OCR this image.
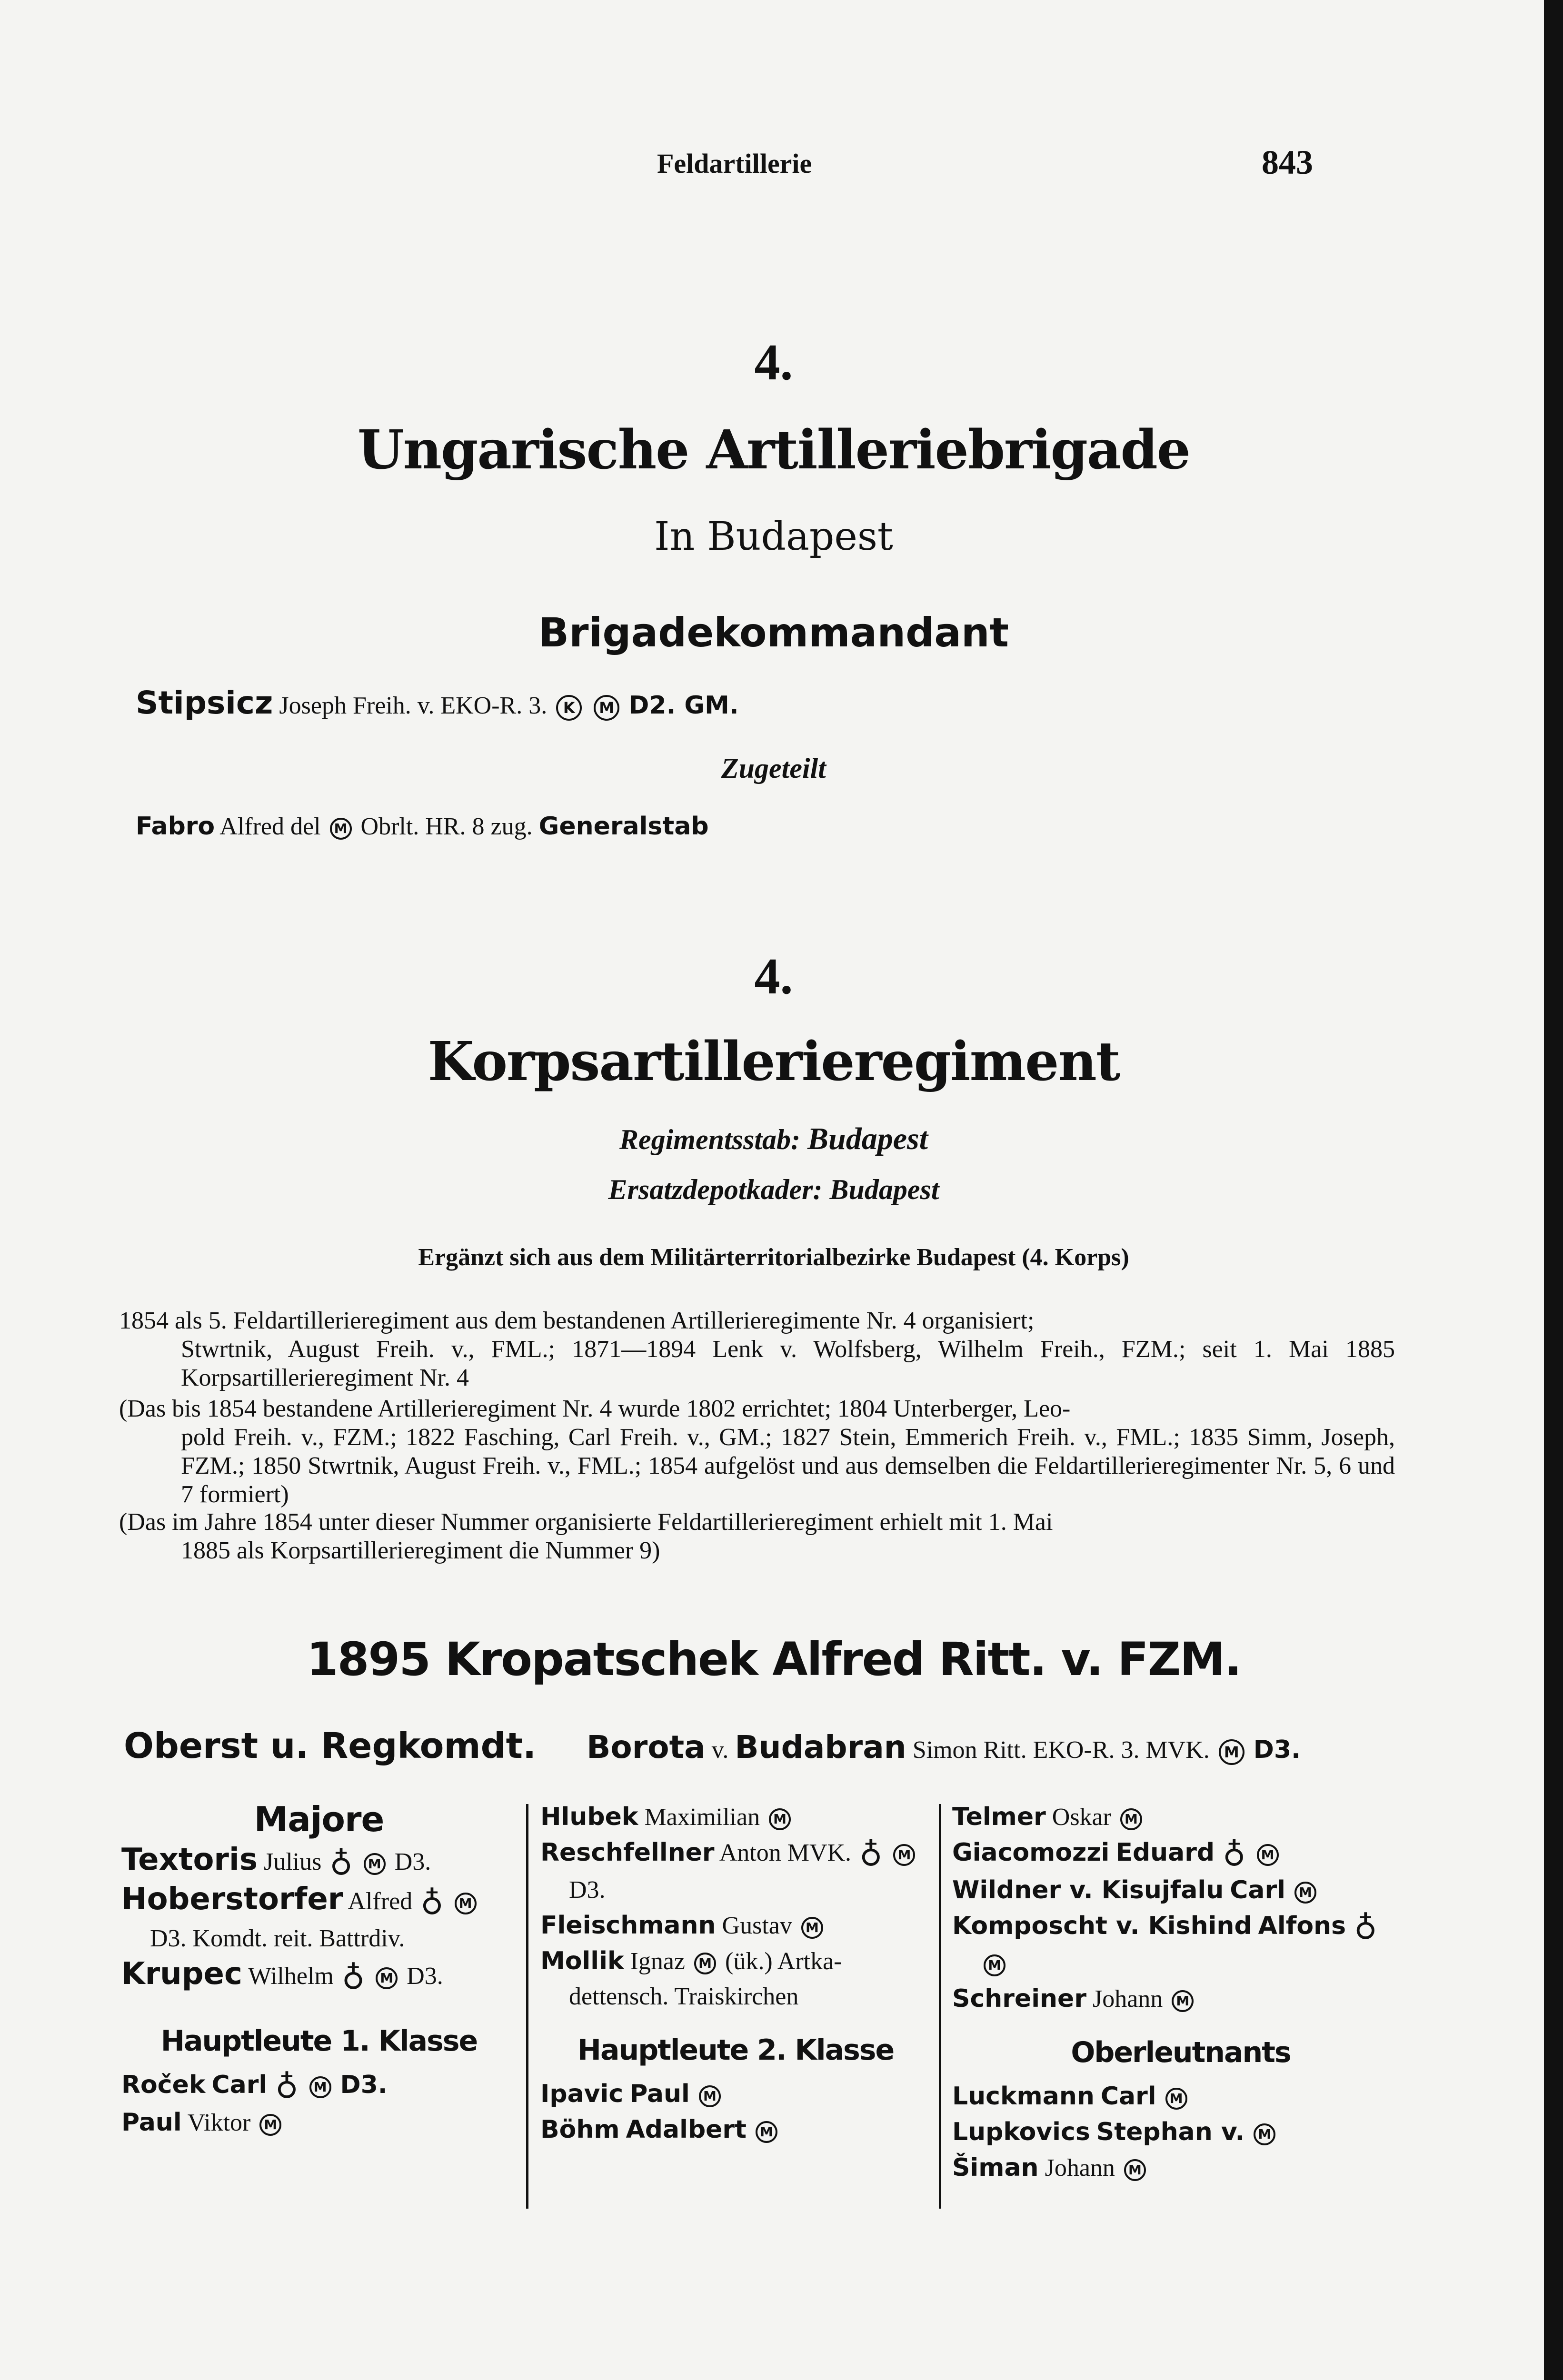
Feldartillerie	843
4.
Ungarische Artilleriebrigade
In Budapest
Brigadekommandant
Stipsicz Joseph Freih. v. EKO-R. 3. K M D2. GM.
Zugeteilt
Fabro Alfred del M Obrlt. HR. 8 zug. Generalstab
4.
Korpsartillerieregiment
Regimentsstab: Budapest
Ersatzdepotkader: Budapest
Ergänzt sich aus dem Militärterritorialbezirke Budapest (4. Korps)
1854 als 5. Feldartillerieregiment aus dem bestandenen Artillerieregimente Nr. 4 organisiert;
Stwrtnik, August Freih. v., FML.; 1871—1894 Lenk v. Wolfsberg, Wilhelm Freih., FZM.; seit 1. Mai 1885 Korpsartillerieregiment Nr. 4
(Das bis 1854 bestandene Artillerieregiment Nr. 4 wurde 1802 errichtet; 1804 Unterberger, Leo-
pold Freih. v., FZM.; 1822 Fasching, Carl Freih. v., GM.; 1827 Stein, Emmerich Freih. v., FML.; 1835 Simm, Joseph, FZM.; 1850 Stwrtnik, August Freih. v., FML.; 1854 aufgelöst und aus demselben die Feldartillerieregimenter Nr. 5, 6 und 7 formiert)
(Das im Jahre 1854 unter dieser Nummer organisierte Feldartillerieregiment erhielt mit 1. Mai
1885 als Korpsartillerieregiment die Nummer 9)
1895 Kropatschek Alfred Ritt. v. FZM.
Oberst u. Regkomdt. Borota v. Budabran Simon Ritt. EKO-R. 3. MVK. M D3.
Majore
Textoris Julius ♁ M D3.
Hoberstorfer Alfred ♁ M
D3. Komdt. reit. Battrdiv.
Krupec Wilhelm ♁ M D3.
Hauptleute 1. Klasse
Roček Carl ♁ M D3.
Paul Viktor M
Hlubek Maximilian M
Reschfellner Anton MVK. ♁ M
D3.
Fleischmann Gustav M
Mollik Ignaz M (ük.) Artka-
dettensch. Traiskirchen
Hauptleute 2. Klasse
Ipavic Paul M
Böhm Adalbert M
Telmer Oskar M
Giacomozzi Eduard ♁ M
Wildner v. Kisujfalu Carl M
Komposcht v. Kishind Alfons ♁
M
Schreiner Johann M
Oberleutnants
Luckmann Carl M
Lupkovics Stephan v. M
Šiman Johann M
